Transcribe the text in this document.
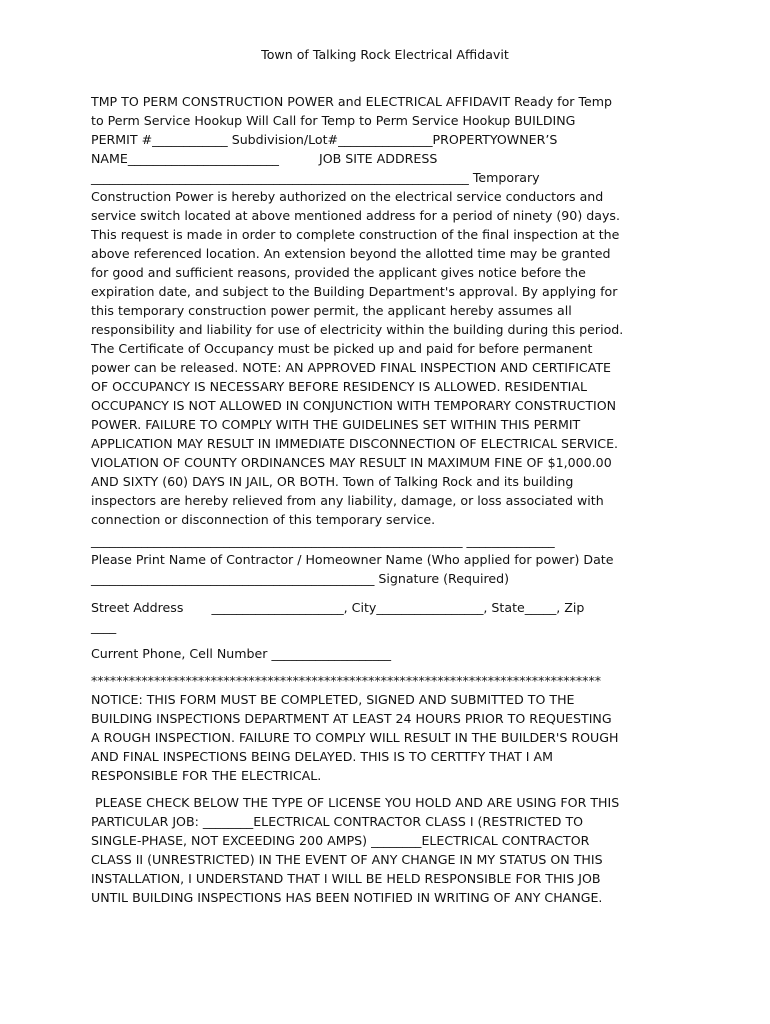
Town of Talking Rock Electrical Affidavit
TMP TO PERM CONSTRUCTION POWER and ELECTRICAL AFFIDAVIT Ready for Temp
to Perm Service Hookup Will Call for Temp to Perm Service Hookup BUILDING
PERMIT #____________ Subdivision/Lot#_______________PROPERTYOWNER’S
NAME________________________          JOB SITE ADDRESS
____________________________________________________________ Temporary
Construction Power is hereby authorized on the electrical service conductors and
service switch located at above mentioned address for a period of ninety (90) days.
This request is made in order to complete construction of the final inspection at the
above referenced location. An extension beyond the allotted time may be granted
for good and sufficient reasons, provided the applicant gives notice before the
expiration date, and subject to the Building Department's approval. By applying for
this temporary construction power permit, the applicant hereby assumes all
responsibility and liability for use of electricity within the building during this period.
The Certificate of Occupancy must be picked up and paid for before permanent
power can be released. NOTE: AN APPROVED FINAL INSPECTION AND CERTIFICATE
OF OCCUPANCY IS NECESSARY BEFORE RESIDENCY IS ALLOWED. RESIDENTIAL
OCCUPANCY IS NOT ALLOWED IN CONJUNCTION WITH TEMPORARY CONSTRUCTION
POWER. FAILURE TO COMPLY WITH THE GUIDELINES SET WITHIN THIS PERMIT
APPLICATION MAY RESULT IN IMMEDIATE DISCONNECTION OF ELECTRICAL SERVICE.
VIOLATION OF COUNTY ORDINANCES MAY RESULT IN MAXIMUM FINE OF $1,000.00
AND SIXTY (60) DAYS IN JAIL, OR BOTH. Town of Talking Rock and its building
inspectors are hereby relieved from any liability, damage, or loss associated with
connection or disconnection of this temporary service.
___________________________________________________________ ______________
Please Print Name of Contractor / Homeowner Name (Who applied for power) Date
_____________________________________________ Signature (Required)
Street Address       _____________________, City_________________, State_____, Zip
____
Current Phone, Cell Number ___________________
*********************************************************************************
NOTICE: THIS FORM MUST BE COMPLETED, SIGNED AND SUBMITTED TO THE
BUILDING INSPECTIONS DEPARTMENT AT LEAST 24 HOURS PRIOR TO REQUESTING
A ROUGH INSPECTION. FAILURE TO COMPLY WILL RESULT IN THE BUILDER'S ROUGH
AND FINAL INSPECTIONS BEING DELAYED. THIS IS TO CERTTFY THAT I AM
RESPONSIBLE FOR THE ELECTRICAL.
PLEASE CHECK BELOW THE TYPE OF LICENSE YOU HOLD AND ARE USING FOR THIS
PARTICULAR JOB: ________ELECTRICAL CONTRACTOR CLASS I (RESTRICTED TO
SINGLE-PHASE, NOT EXCEEDING 200 AMPS) ________ELECTRICAL CONTRACTOR
CLASS II (UNRESTRICTED) IN THE EVENT OF ANY CHANGE IN MY STATUS ON THIS
INSTALLATION, I UNDERSTAND THAT I WILL BE HELD RESPONSIBLE FOR THIS JOB
UNTIL BUILDING INSPECTIONS HAS BEEN NOTIFIED IN WRITING OF ANY CHANGE.
